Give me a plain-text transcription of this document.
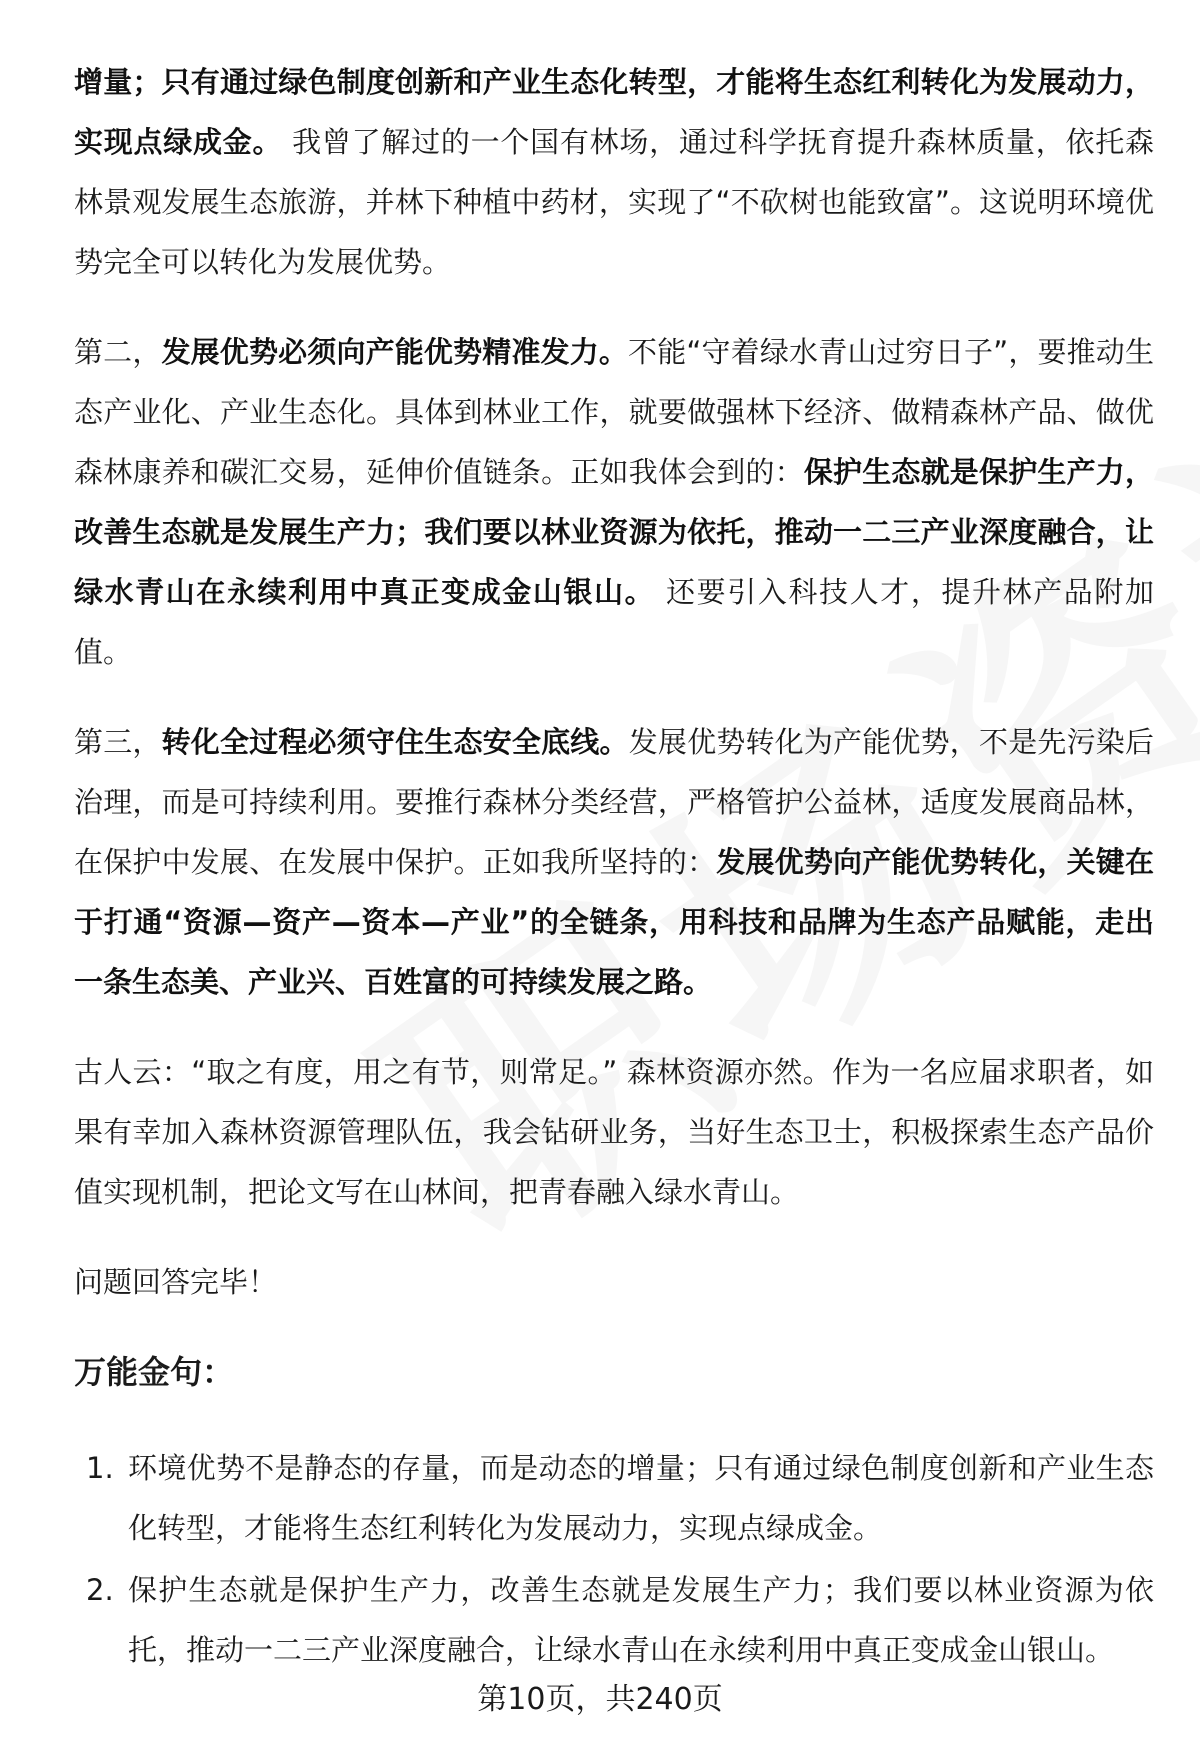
增量；只有通过绿色制度创新和产业生态化转型，才能将生态红利转化为发展动力，实现点绿成金。 我曾了解过的一个国有林场，通过科学抚育提升森林质量，依托森林景观发展生态旅游，并林下种植中药材，实现了“不砍树也能致富”。这说明环境优势完全可以转化为发展优势。

第二，发展优势必须向产能优势精准发力。不能“守着绿水青山过穷日子”，要推动生态产业化、产业生态化。具体到林业工作，就要做强林下经济、做精森林产品、做优森林康养和碳汇交易，延伸价值链条。正如我体会到的：保护生态就是保护生产力，改善生态就是发展生产力；我们要以林业资源为依托，推动一二三产业深度融合，让绿水青山在永续利用中真正变成金山银山。 还要引入科技人才，提升林产品附加值。

第三，转化全过程必须守住生态安全底线。发展优势转化为产能优势，不是先污染后治理，而是可持续利用。要推行森林分类经营，严格管护公益林，适度发展商品林，在保护中发展、在发展中保护。正如我所坚持的：发展优势向产能优势转化，关键在于打通“资源—资产—资本—产业”的全链条，用科技和品牌为生态产品赋能，走出一条生态美、产业兴、百姓富的可持续发展之路。

古人云：“取之有度，用之有节，则常足。” 森林资源亦然。作为一名应届求职者，如果有幸加入森林资源管理队伍，我会钻研业务，当好生态卫士，积极探索生态产品价值实现机制，把论文写在山林间，把青春融入绿水青山。

问题回答完毕！

万能金句：
1. 环境优势不是静态的存量，而是动态的增量；只有通过绿色制度创新和产业生态化转型，才能将生态红利转化为发展动力，实现点绿成金。
2. 保护生态就是保护生产力，改善生态就是发展生产力；我们要以林业资源为依托，推动一二三产业深度融合，让绿水青山在永续利用中真正变成金山银山。
第10页，共240页
